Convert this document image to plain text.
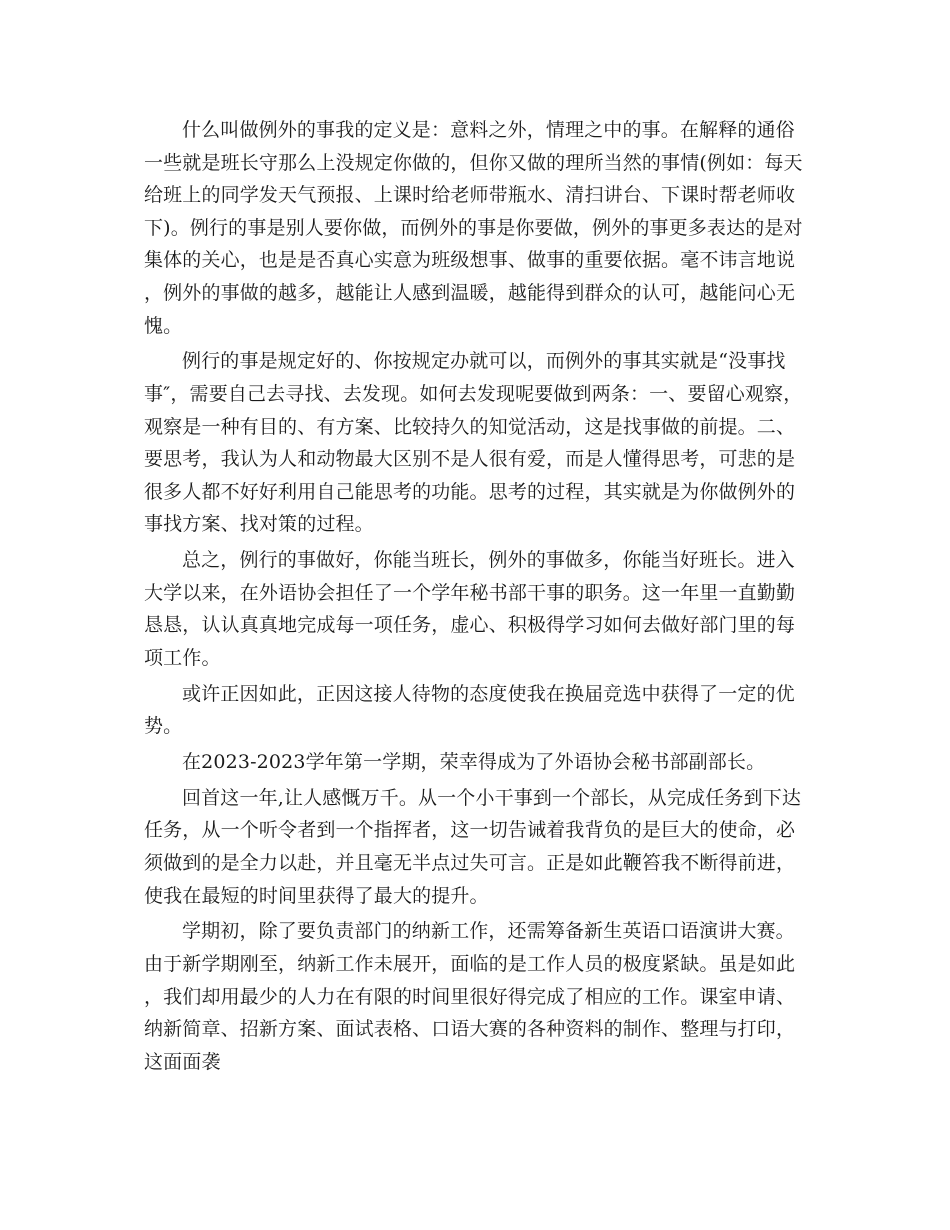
什么叫做例外的事我的定义是：意料之外，情理之中的事。在解释的通俗一些就是班长守那么上没规定你做的，但你又做的理所当然的事情(例如：每天给班上的同学发天气预报、上课时给老师带瓶水、清扫讲台、下课时帮老师收下)。例行的事是别人要你做，而例外的事是你要做，例外的事更多表达的是对集体的关心，也是是否真心实意为班级想事、做事的重要依据。毫不讳言地说，例外的事做的越多，越能让人感到温暖，越能得到群众的认可，越能问心无愧。

例行的事是规定好的、你按规定办就可以，而例外的事其实就是“没事找事″，需要自己去寻找、去发现。如何去发现呢要做到两条：一、要留心观察，观察是一种有目的、有方案、比较持久的知觉活动，这是找事做的前提。二、要思考，我认为人和动物最大区别不是人很有爱，而是人懂得思考，可悲的是很多人都不好好利用自己能思考的功能。思考的过程，其实就是为你做例外的事找方案、找对策的过程。

总之，例行的事做好，你能当班长，例外的事做多，你能当好班长。进入大学以来，在外语协会担任了一个学年秘书部干事的职务。这一年里一直勤勤恳恳，认认真真地完成每一项任务，虚心、积极得学习如何去做好部门里的每项工作。

或许正因如此，正因这接人待物的态度使我在换届竞选中获得了一定的优势。

在2023-2023学年第一学期，荣幸得成为了外语协会秘书部副部长。

回首这一年,让人感慨万千。从一个小干事到一个部长，从完成任务到下达任务，从一个听令者到一个指挥者，这一切告诫着我背负的是巨大的使命，必须做到的是全力以赴，并且毫无半点过失可言。正是如此鞭笞我不断得前进，使我在最短的时间里获得了最大的提升。

学期初，除了要负责部门的纳新工作，还需筹备新生英语口语演讲大赛。由于新学期刚至，纳新工作未展开，面临的是工作人员的极度紧缺。虽是如此，我们却用最少的人力在有限的时间里很好得完成了相应的工作。课室申请、纳新简章、招新方案、面试表格、口语大赛的各种资料的制作、整理与打印，这面面袭
